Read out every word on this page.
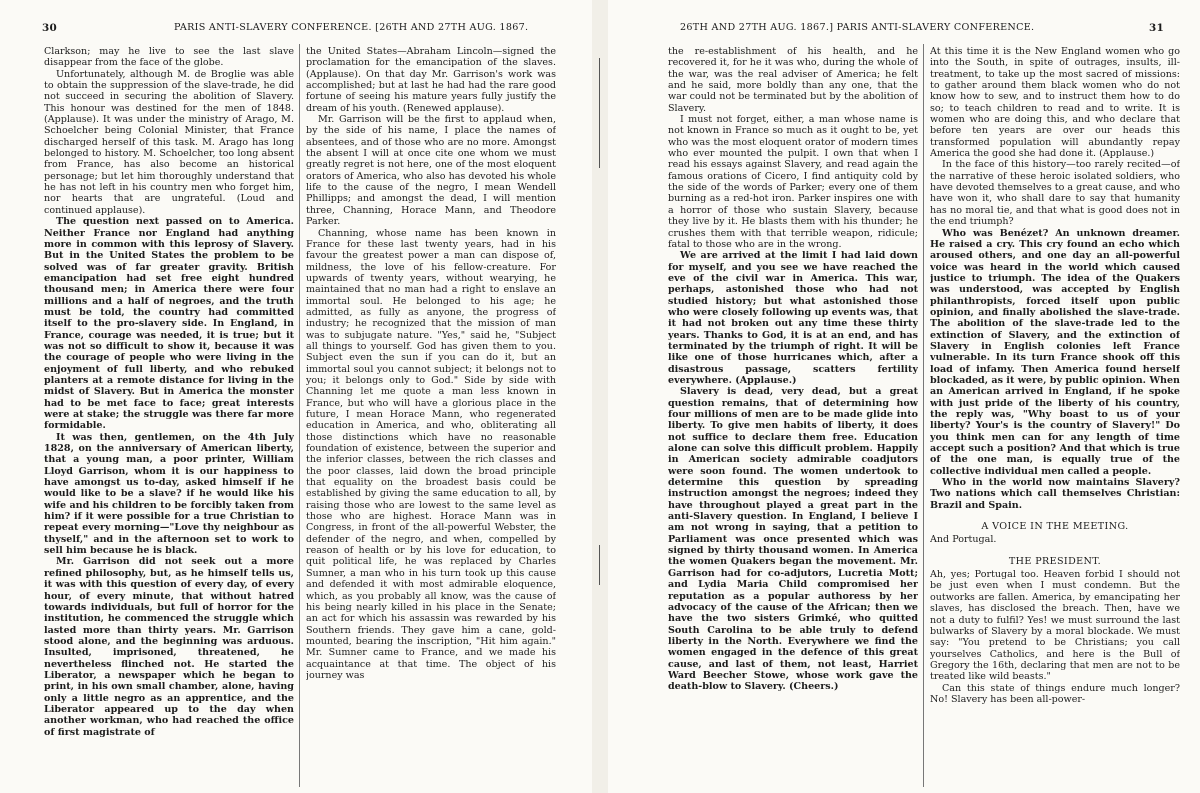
30	PARIS ANTI-SLAVERY CONFERENCE. [26TH AND 27TH AUG. 1867.

Clarkson; may he live to see the last slave disappear from the face of the globe.

Unfortunately, although M. de Broglie was able to obtain the suppression of the slave-trade, he did not succeed in securing the abolition of Slavery. This honour was destined for the men of 1848. (Applause). It was under the ministry of Arago, M. Schoelcher being Colonial Minister, that France discharged herself of this task. M. Arago has long belonged to history. M. Schoelcher, too long absent from France, has also become an historical personage; but let him thoroughly understand that he has not left in his country men who forget him, nor hearts that are ungrateful. (Loud and continued applause).

The question next passed on to America. Neither France nor England had anything more in common with this leprosy of Slavery. But in the United States the problem to be solved was of far greater gravity. British emancipation had set free eight hundred thousand men; in America there were four millions and a half of negroes, and the truth must be told, the country had committed itself to the pro-slavery side. In England, in France, courage was needed, it is true; but it was not so difficult to show it, because it was the courage of people who were living in the enjoyment of full liberty, and who rebuked planters at a remote distance for living in the midst of Slavery. But in America the monster had to be met face to face; great interests were at stake; the struggle was there far more formidable.

It was then, gentlemen, on the 4th July 1828, on the anniversary of American liberty, that a young man, a poor printer, William Lloyd Garrison, whom it is our happiness to have amongst us to-day, asked himself if he would like to be a slave? if he would like his wife and his children to be forcibly taken from him? if it were possible for a true Christian to repeat every morning—"Love thy neighbour as thyself," and in the afternoon set to work to sell him because he is black.

Mr. Garrison did not seek out a more refined philosophy, but, as he himself tells us, it was with this question of every day, of every hour, of every minute, that without hatred towards individuals, but full of horror for the institution, he commenced the struggle which lasted more than thirty years. Mr. Garrison stood alone, and the beginning was arduous. Insulted, imprisoned, threatened, he nevertheless flinched not. He started the Liberator, a newspaper which he began to print, in his own small chamber, alone, having only a little negro as an apprentice, and the Liberator appeared up to the day when another workman, who had reached the office of first magistrate of

the United States—Abraham Lincoln—signed the proclamation for the emancipation of the slaves. (Applause). On that day Mr. Garrison's work was accomplished; but at last he had had the rare good fortune of seeing his mature years fully justify the dream of his youth. (Renewed applause).

Mr. Garrison will be the first to applaud when, by the side of his name, I place the names of absentees, and of those who are no more. Amongst the absent I will at once cite one whom we must greatly regret is not here, one of the most eloquent orators of America, who also has devoted his whole life to the cause of the negro, I mean Wendell Phillipps; and amongst the dead, I will mention three, Channing, Horace Mann, and Theodore Parker.

Channing, whose name has been known in France for these last twenty years, had in his favour the greatest power a man can dispose of, mildness, the love of his fellow-creature. For upwards of twenty years, without wearying, he maintained that no man had a right to enslave an immortal soul. He belonged to his age; he admitted, as fully as anyone, the progress of industry; he recognized that the mission of man was to subjugate nature. "Yes," said he, "Subject all things to yourself. God has given them to you. Subject even the sun if you can do it, but an immortal soul you cannot subject; it belongs not to you; it belongs only to God." Side by side with Channing let me quote a man less known in France, but who will have a glorious place in the future, I mean Horace Mann, who regenerated education in America, and who, obliterating all those distinctions which have no reasonable foundation of existence, between the superior and the inferior classes, between the rich classes and the poor classes, laid down the broad principle that equality on the broadest basis could be established by giving the same education to all, by raising those who are lowest to the same level as those who are highest. Horace Mann was in Congress, in front of the all-powerful Webster, the defender of the negro, and when, compelled by reason of health or by his love for education, to quit political life, he was replaced by Charles Sumner, a man who in his turn took up this cause and defended it with most admirable eloquence, which, as you probably all know, was the cause of his being nearly killed in his place in the Senate; an act for which his assassin was rewarded by his Southern friends. They gave him a cane, gold-mounted, bearing the inscription, "Hit him again." Mr. Sumner came to France, and we made his acquaintance at that time. The object of his journey was

26TH AND 27TH AUG. 1867.] PARIS ANTI-SLAVERY CONFERENCE.	31

the re-establishment of his health, and he recovered it, for he it was who, during the whole of the war, was the real adviser of America; he felt and he said, more boldly than any one, that the war could not be terminated but by the abolition of Slavery.

I must not forget, either, a man whose name is not known in France so much as it ought to be, yet who was the most eloquent orator of modern times who ever mounted the pulpit. I own that when I read his essays against Slavery, and read again the famous orations of Cicero, I find antiquity cold by the side of the words of Parker; every one of them burning as a red-hot iron. Parker inspires one with a horror of those who sustain Slavery, because they live by it. He blasts them with his thunder; he crushes them with that terrible weapon, ridicule; fatal to those who are in the wrong.

We are arrived at the limit I had laid down for myself, and you see we have reached the eve of the civil war in America. This war, perhaps, astonished those who had not studied history; but what astonished those who were closely following up events was, that it had not broken out any time these thirty years. Thanks to God, it is at an end, and has terminated by the triumph of right. It will be like one of those hurricanes which, after a disastrous passage, scatters fertility everywhere. (Applause.)

Slavery is dead, very dead, but a great question remains, that of determining how four millions of men are to be made glide into liberty. To give men habits of liberty, it does not suffice to declare them free. Education alone can solve this difficult problem. Happily in American society admirable coadjutors were soon found. The women undertook to determine this question by spreading instruction amongst the negroes; indeed they have throughout played a great part in the anti-Slavery question. In England, I believe I am not wrong in saying, that a petition to Parliament was once presented which was signed by thirty thousand women. In America the women Quakers began the movement. Mr. Garrison had for co-adjutors, Lucretia Mott; and Lydia Maria Child compromised her reputation as a popular authoress by her advocacy of the cause of the African; then we have the two sisters Grimké, who quitted South Carolina to be able truly to defend liberty in the North. Everywhere we find the women engaged in the defence of this great cause, and last of them, not least, Harriet Ward Beecher Stowe, whose work gave the death-blow to Slavery. (Cheers.)

At this time it is the New England women who go into the South, in spite of outrages, insults, ill-treatment, to take up the most sacred of missions: to gather around them black women who do not know how to sew, and to instruct them how to do so; to teach children to read and to write. It is women who are doing this, and who declare that before ten years are over our heads this transformed population will abundantly repay America the good she had done it. (Applause.)

In the face of this history—too rarely recited—of the narrative of these heroic isolated soldiers, who have devoted themselves to a great cause, and who have won it, who shall dare to say that humanity has no moral tie, and that what is good does not in the end triumph?

Who was Benézet? An unknown dreamer. He raised a cry. This cry found an echo which aroused others, and one day an all-powerful voice was heard in the world which caused justice to triumph. The idea of the Quakers was understood, was accepted by English philanthropists, forced itself upon public opinion, and finally abolished the slave-trade. The abolition of the slave-trade led to the extinction of Slavery, and the extinction of Slavery in English colonies left France vulnerable. In its turn France shook off this load of infamy. Then America found herself blockaded, as it were, by public opinion. When an American arrived in England, if he spoke with just pride of the liberty of his country, the reply was, "Why boast to us of your liberty? Your's is the country of Slavery!" Do you think men can for any length of time accept such a position? And that which is true of the one man, is equally true of the collective individual men called a people.

Who in the world now maintains Slavery? Two nations which call themselves Christian: Brazil and Spain.

A VOICE IN THE MEETING.

And Portugal.

THE PRESIDENT.

Ah, yes; Portugal too. Heaven forbid I should not be just even when I must condemn. But the outworks are fallen. America, by emancipating her slaves, has disclosed the breach. Then, have we not a duty to fulfil? Yes! we must surround the last bulwarks of Slavery by a moral blockade. We must say: "You pretend to be Christians; you call yourselves Catholics, and here is the Bull of Gregory the 16th, declaring that men are not to be treated like wild beasts."

Can this state of things endure much longer? No! Slavery has been all-power-
